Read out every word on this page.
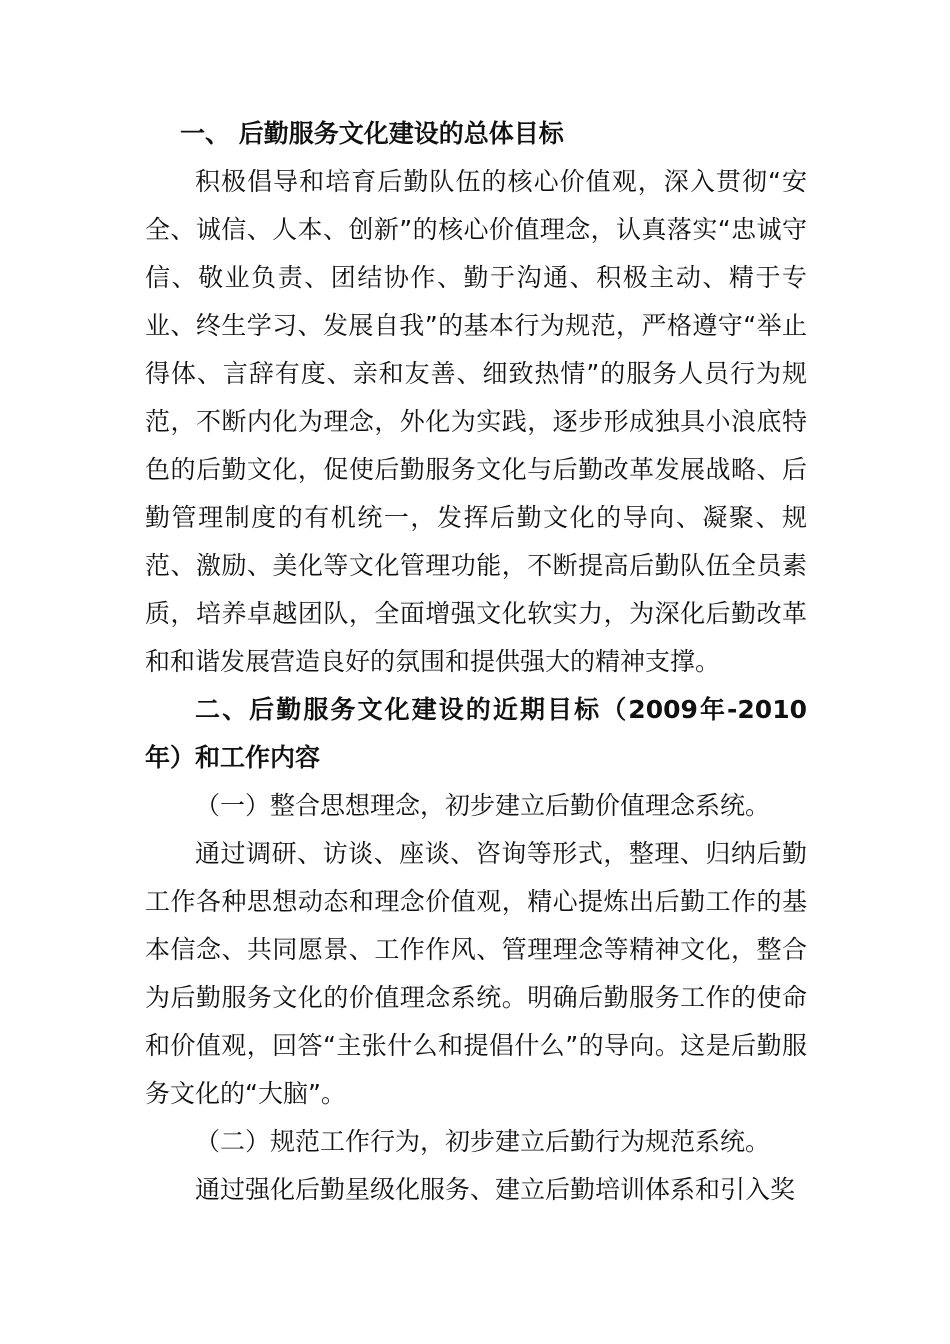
一、 后勤服务文化建设的总体目标

积极倡导和培育后勤队伍的核心价值观，深入贯彻“安全、诚信、人本、创新”的核心价值理念，认真落实“忠诚守信、敬业负责、团结协作、勤于沟通、积极主动、精于专业、终生学习、发展自我”的基本行为规范，严格遵守“举止得体、言辞有度、亲和友善、细致热情”的服务人员行为规范，不断内化为理念，外化为实践，逐步形成独具小浪底特色的后勤文化，促使后勤服务文化与后勤改革发展战略、后勤管理制度的有机统一，发挥后勤文化的导向、凝聚、规范、激励、美化等文化管理功能，不断提高后勤队伍全员素质，培养卓越团队，全面增强文化软实力，为深化后勤改革和和谐发展营造良好的氛围和提供强大的精神支撑。

二、后勤服务文化建设的近期目标（2009年-2010年）和工作内容

（一）整合思想理念，初步建立后勤价值理念系统。

通过调研、访谈、座谈、咨询等形式，整理、归纳后勤工作各种思想动态和理念价值观，精心提炼出后勤工作的基本信念、共同愿景、工作作风、管理理念等精神文化，整合为后勤服务文化的价值理念系统。明确后勤服务工作的使命和价值观，回答“主张什么和提倡什么”的导向。这是后勤服务文化的“大脑”。

（二）规范工作行为，初步建立后勤行为规范系统。

通过强化后勤星级化服务、建立后勤培训体系和引入奖
